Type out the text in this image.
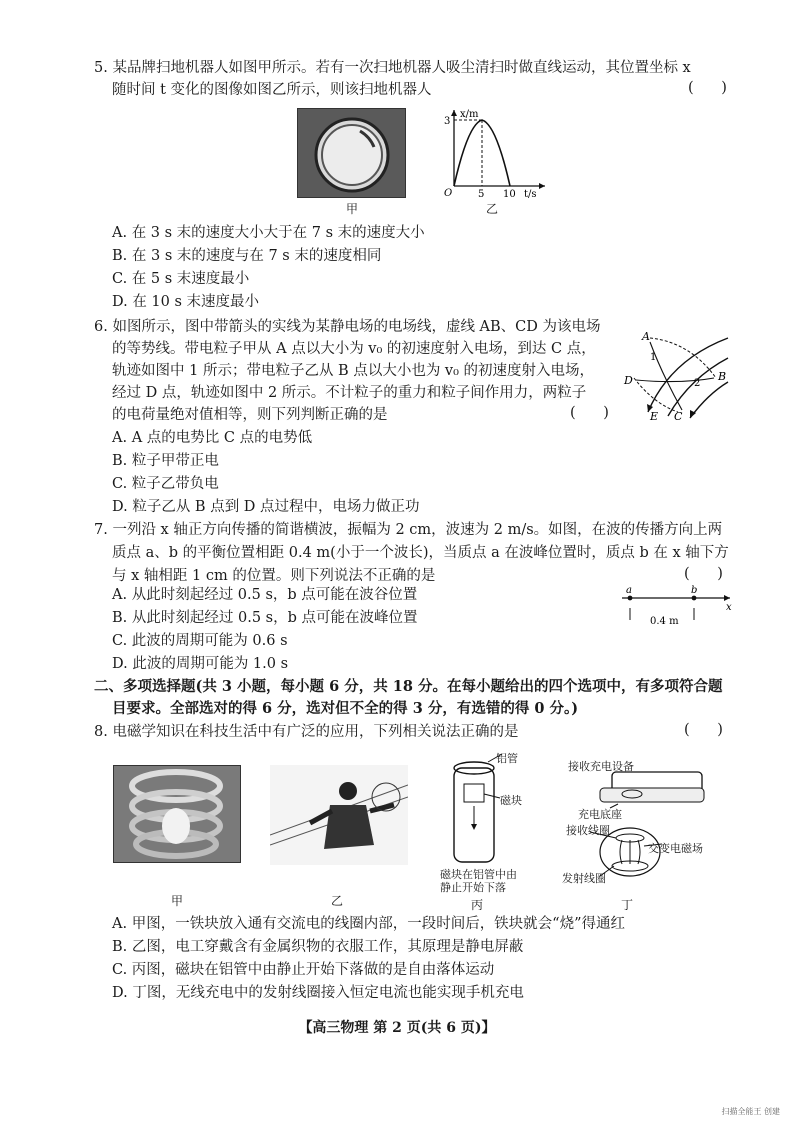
5. 某品牌扫地机器人如图甲所示。若有一次扫地机器人吸尘清扫时做直线运动，其位置坐标 x
随时间 t 变化的图像如图乙所示，则该扫地机器人	(      )
甲
x/m
3
O	5 10 t/s
乙
A. 在 3 s 末的速度大小大于在 7 s 末的速度大小
B. 在 3 s 末的速度与在 7 s 末的速度相同
C. 在 5 s 末速度最小
D. 在 10 s 末速度最小
6. 如图所示，图中带箭头的实线为某静电场的电场线，虚线 AB、CD 为该电场
的等势线。带电粒子甲从 A 点以大小为 v₀ 的初速度射入电场，到达 C 点，
轨迹如图中 1 所示；带电粒子乙从 B 点以大小也为 v₀ 的初速度射入电场，
经过 D 点，轨迹如图中 2 所示。不计粒子的重力和粒子间作用力，两粒子
的电荷量绝对值相等，则下列判断正确的是	(      )
A
B
C
D
E
1
2
A. A 点的电势比 C 点的电势低
B. 粒子甲带正电
C. 粒子乙带负电
D. 粒子乙从 B 点到 D 点过程中，电场力做正功
7. 一列沿 x 轴正方向传播的简谐横波，振幅为 2 cm，波速为 2 m/s。如图，在波的传播方向上两
质点 a、b 的平衡位置相距 0.4 m(小于一个波长)，当质点 a 在波峰位置时，质点 b 在 x 轴下方
与 x 轴相距 1 cm 的位置。则下列说法不正确的是	(      )
a	b
x
0.4 m
A. 从此时刻起经过 0.5 s，b 点可能在波谷位置
B. 从此时刻起经过 0.5 s，b 点可能在波峰位置
C. 此波的周期可能为 0.6 s
D. 此波的周期可能为 1.0 s
二、多项选择题(共 3 小题，每小题 6 分，共 18 分。在每小题给出的四个选项中，有多项符合题
目要求。全部选对的得 6 分，选对但不全的得 3 分，有选错的得 0 分。)
8. 电磁学知识在科技生活中有广泛的应用，下列相关说法正确的是	(      )
甲	乙
铝管
磁块
磁块在铝管中由
静止开始下落
丙
接收充电设备
充电底座
接收线圈
交变电磁场
发射线圈
丁
A. 甲图，一铁块放入通有交流电的线圈内部，一段时间后，铁块就会“烧”得通红
B. 乙图，电工穿戴含有金属织物的衣服工作，其原理是静电屏蔽
C. 丙图，磁块在铝管中由静止开始下落做的是自由落体运动
D. 丁图，无线充电中的发射线圈接入恒定电流也能实现手机充电
【高三物理 第 2 页(共 6 页)】
扫描全能王 创建
